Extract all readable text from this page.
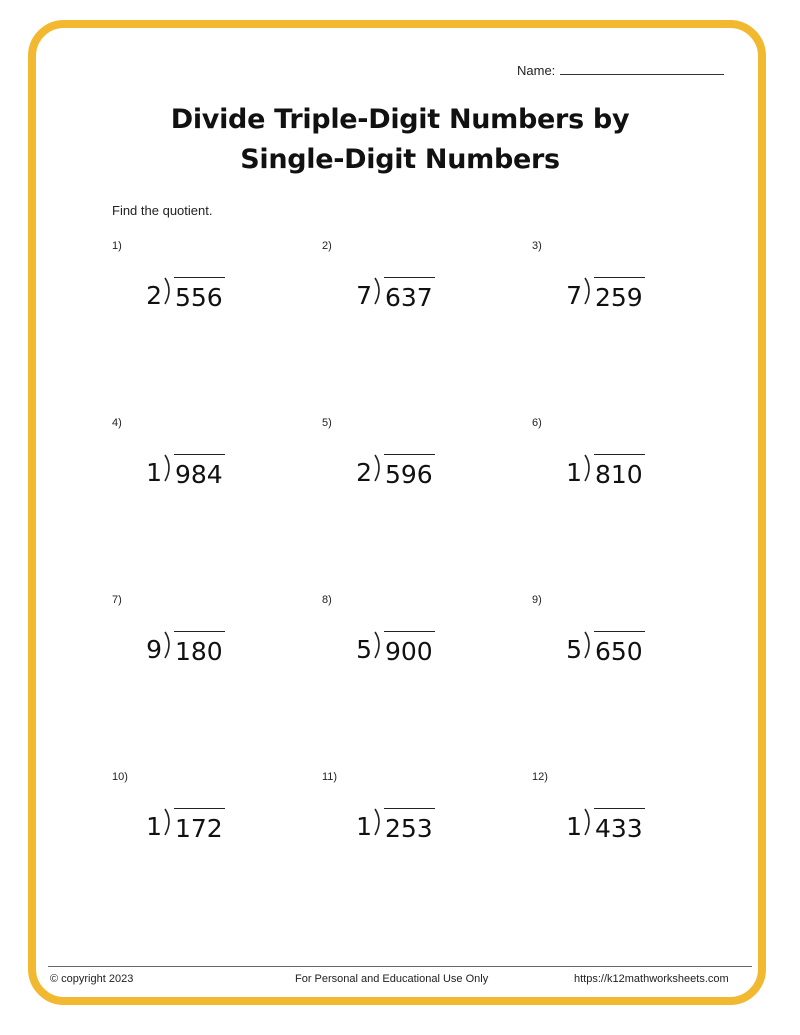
Name:
Divide Triple-Digit Numbers by
Single-Digit Numbers
Find the quotient.
1)
2 556
2)
7 637
3)
7 259
4)
1 984
5)
2 596
6)
1 810
7)
9 180
8)
5 900
9)
5 650
10)
1 172
11)
1 253
12)
1 433
© copyright 2023	For Personal and Educational Use Only	https://k12mathworksheets.com
